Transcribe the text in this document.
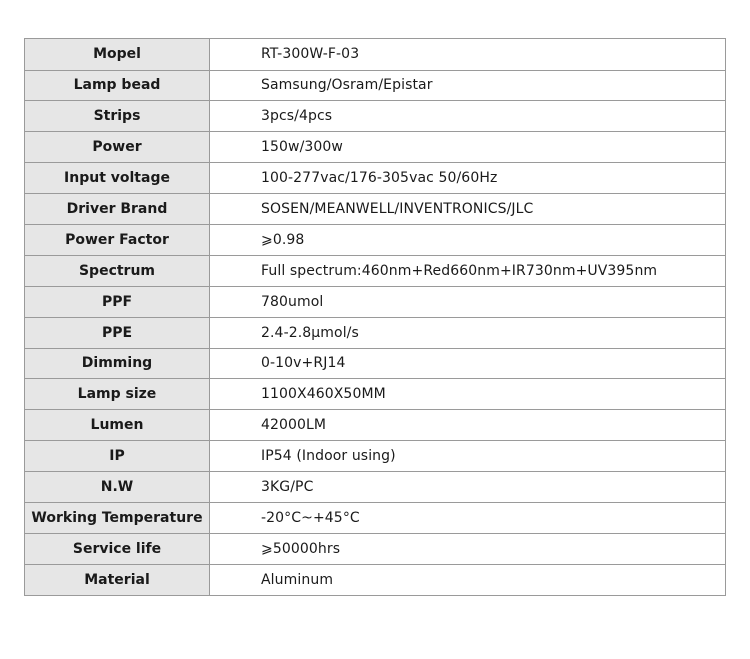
Mopel	RT-300W-F-03
Lamp bead	Samsung/Osram/Epistar
Strips	3pcs/4pcs
Power	150w/300w
Input voltage	100-277vac/176-305vac 50/60Hz
Driver Brand	SOSEN/MEANWELL/INVENTRONICS/JLC
Power Factor	⩾0.98
Spectrum	Full spectrum:460nm+Red660nm+IR730nm+UV395nm
PPF	780umol
PPE	2.4-2.8μmol/s
Dimming	0-10v+RJ14
Lamp size	1100X460X50MM
Lumen	42000LM
IP	IP54 (Indoor using)
N.W	3KG/PC
Working Temperature	-20°C~+45°C
Service life	⩾50000hrs
Material	Aluminum
